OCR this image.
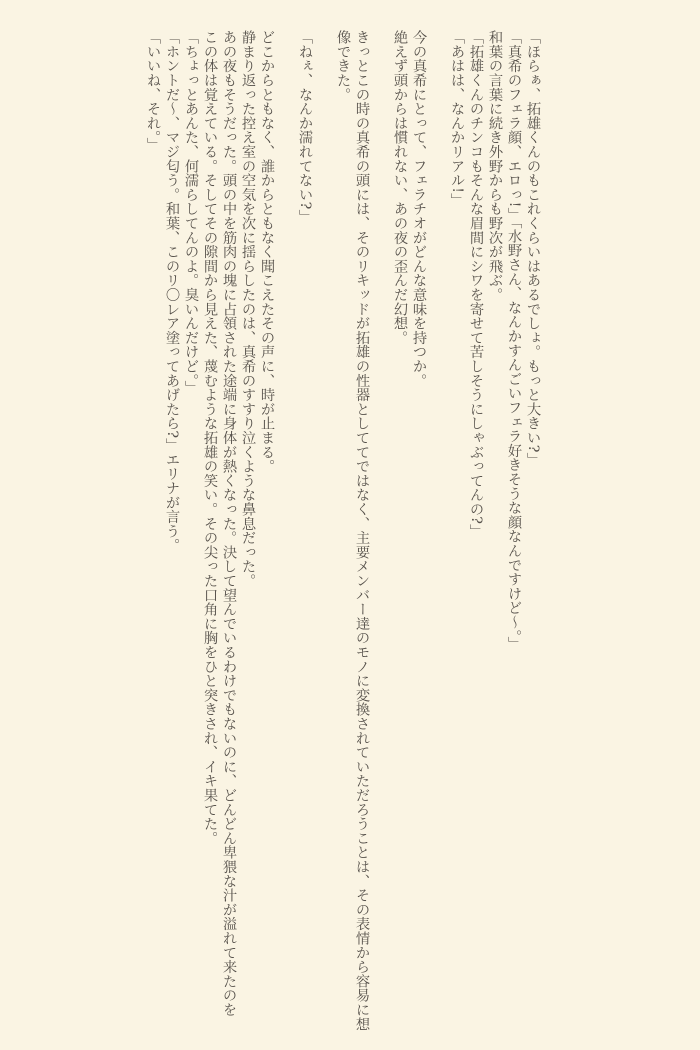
「ほらぁ、拓雄くんのもこれくらいはあるでしょ。もっと大きい?」

「真希のフェラ顔、エロっ!」「水野さん、なんかすんごいフェラ好きそうな顔なんですけど〜。」

和葉の言葉に続き外野からも野次が飛ぶ。

「拓雄くんのチンコもそんな眉間にシワを寄せて苦しそうにしゃぶってんの?」

「あはは、なんかリアル!」

今の真希にとって、フェラチオがどんな意味を持つか。

絶えず頭からは慣れない、あの夜の歪んだ幻想。

きっとこの時の真希の頭には、そのリキッドが拓雄の性器としててではなく、主要メンバー達のモノに変換されていただろうことは、その表情から容易に想

像できた。

「ねぇ、なんか濡れてない?」

どこからともなく、誰からともなく聞こえたその声に、時が止まる。

静まり返った控え室の空気を次に揺らしたのは、真希のすすり泣くような鼻息だった。

あの夜もそうだった。頭の中を筋肉の塊に占領された途端に身体が熱くなった。決して望んでいるわけでもないのに、どんどん卑猥な汁が溢れて来たのを

この体は覚えている。そしてその隙間から見えた、蔑むような拓雄の笑い。その尖った口角に胸をひと突きされ、イキ果てた。

「ちょっとあんた、何濡らしてんのよ。臭いんだけど。」

「ホントだ〜、マジ匂う。和葉、このリ〇レア塗ってあげたら?」エリナが言う。

「いいね、それ。」
